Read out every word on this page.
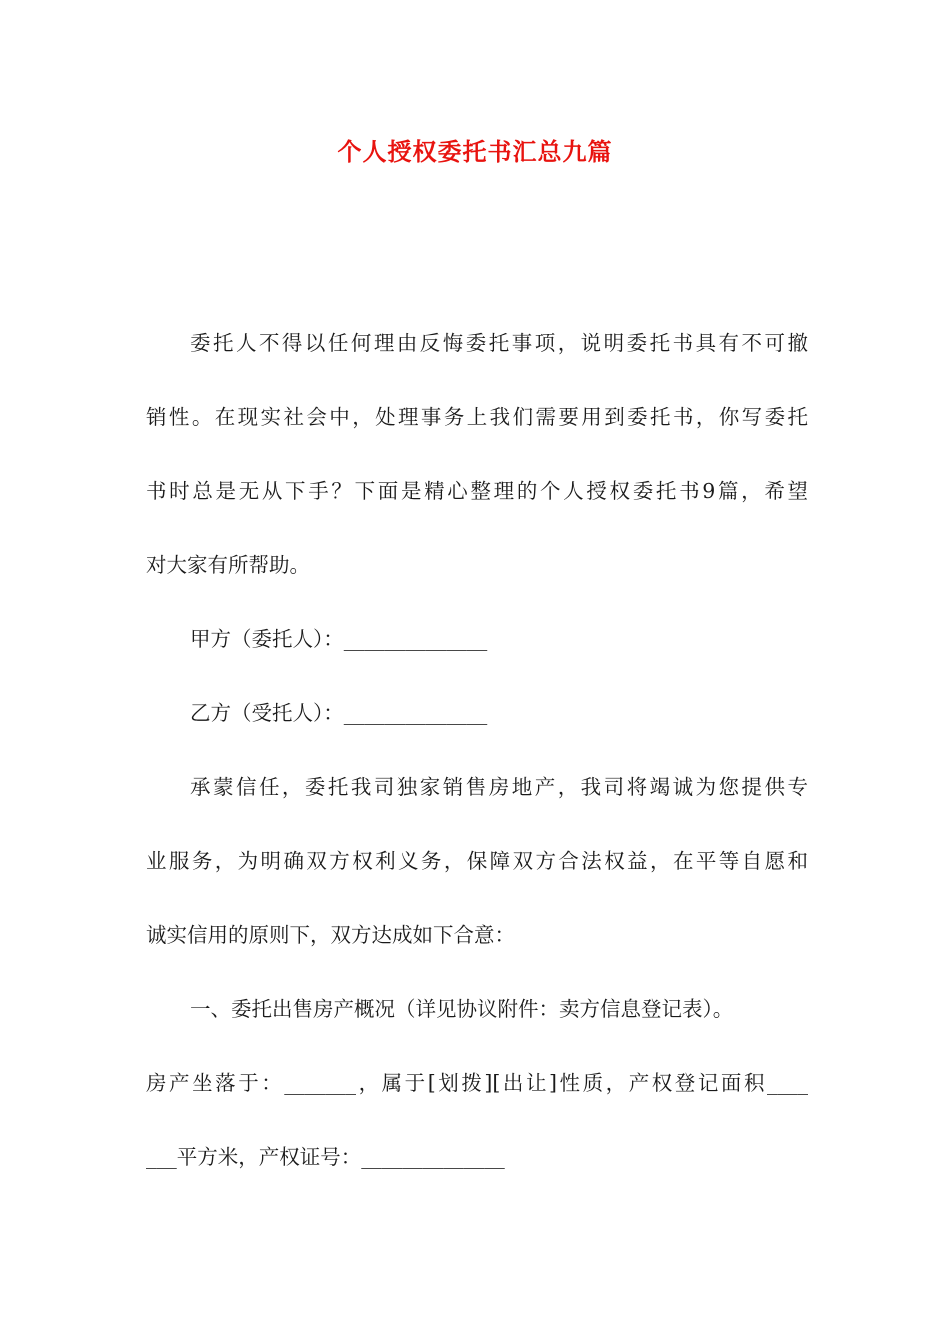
个人授权委托书汇总九篇
委托人不得以任何理由反悔委托事项，说明委托书具有不可撤
销性。在现实社会中，处理事务上我们需要用到委托书，你写委托
书时总是无从下手？下面是精心整理的个人授权委托书9篇，希望
对大家有所帮助。
甲方（委托人）：______________
乙方（受托人）：______________
承蒙信任，委托我司独家销售房地产，我司将竭诚为您提供专
业服务，为明确双方权利义务，保障双方合法权益，在平等自愿和
诚实信用的原则下，双方达成如下合意：
一、委托出售房产概况（详见协议附件：卖方信息登记表）。
房产坐落于：_______，属于[划拨][出让]性质，产权登记面积____
___平方米，产权证号：______________
